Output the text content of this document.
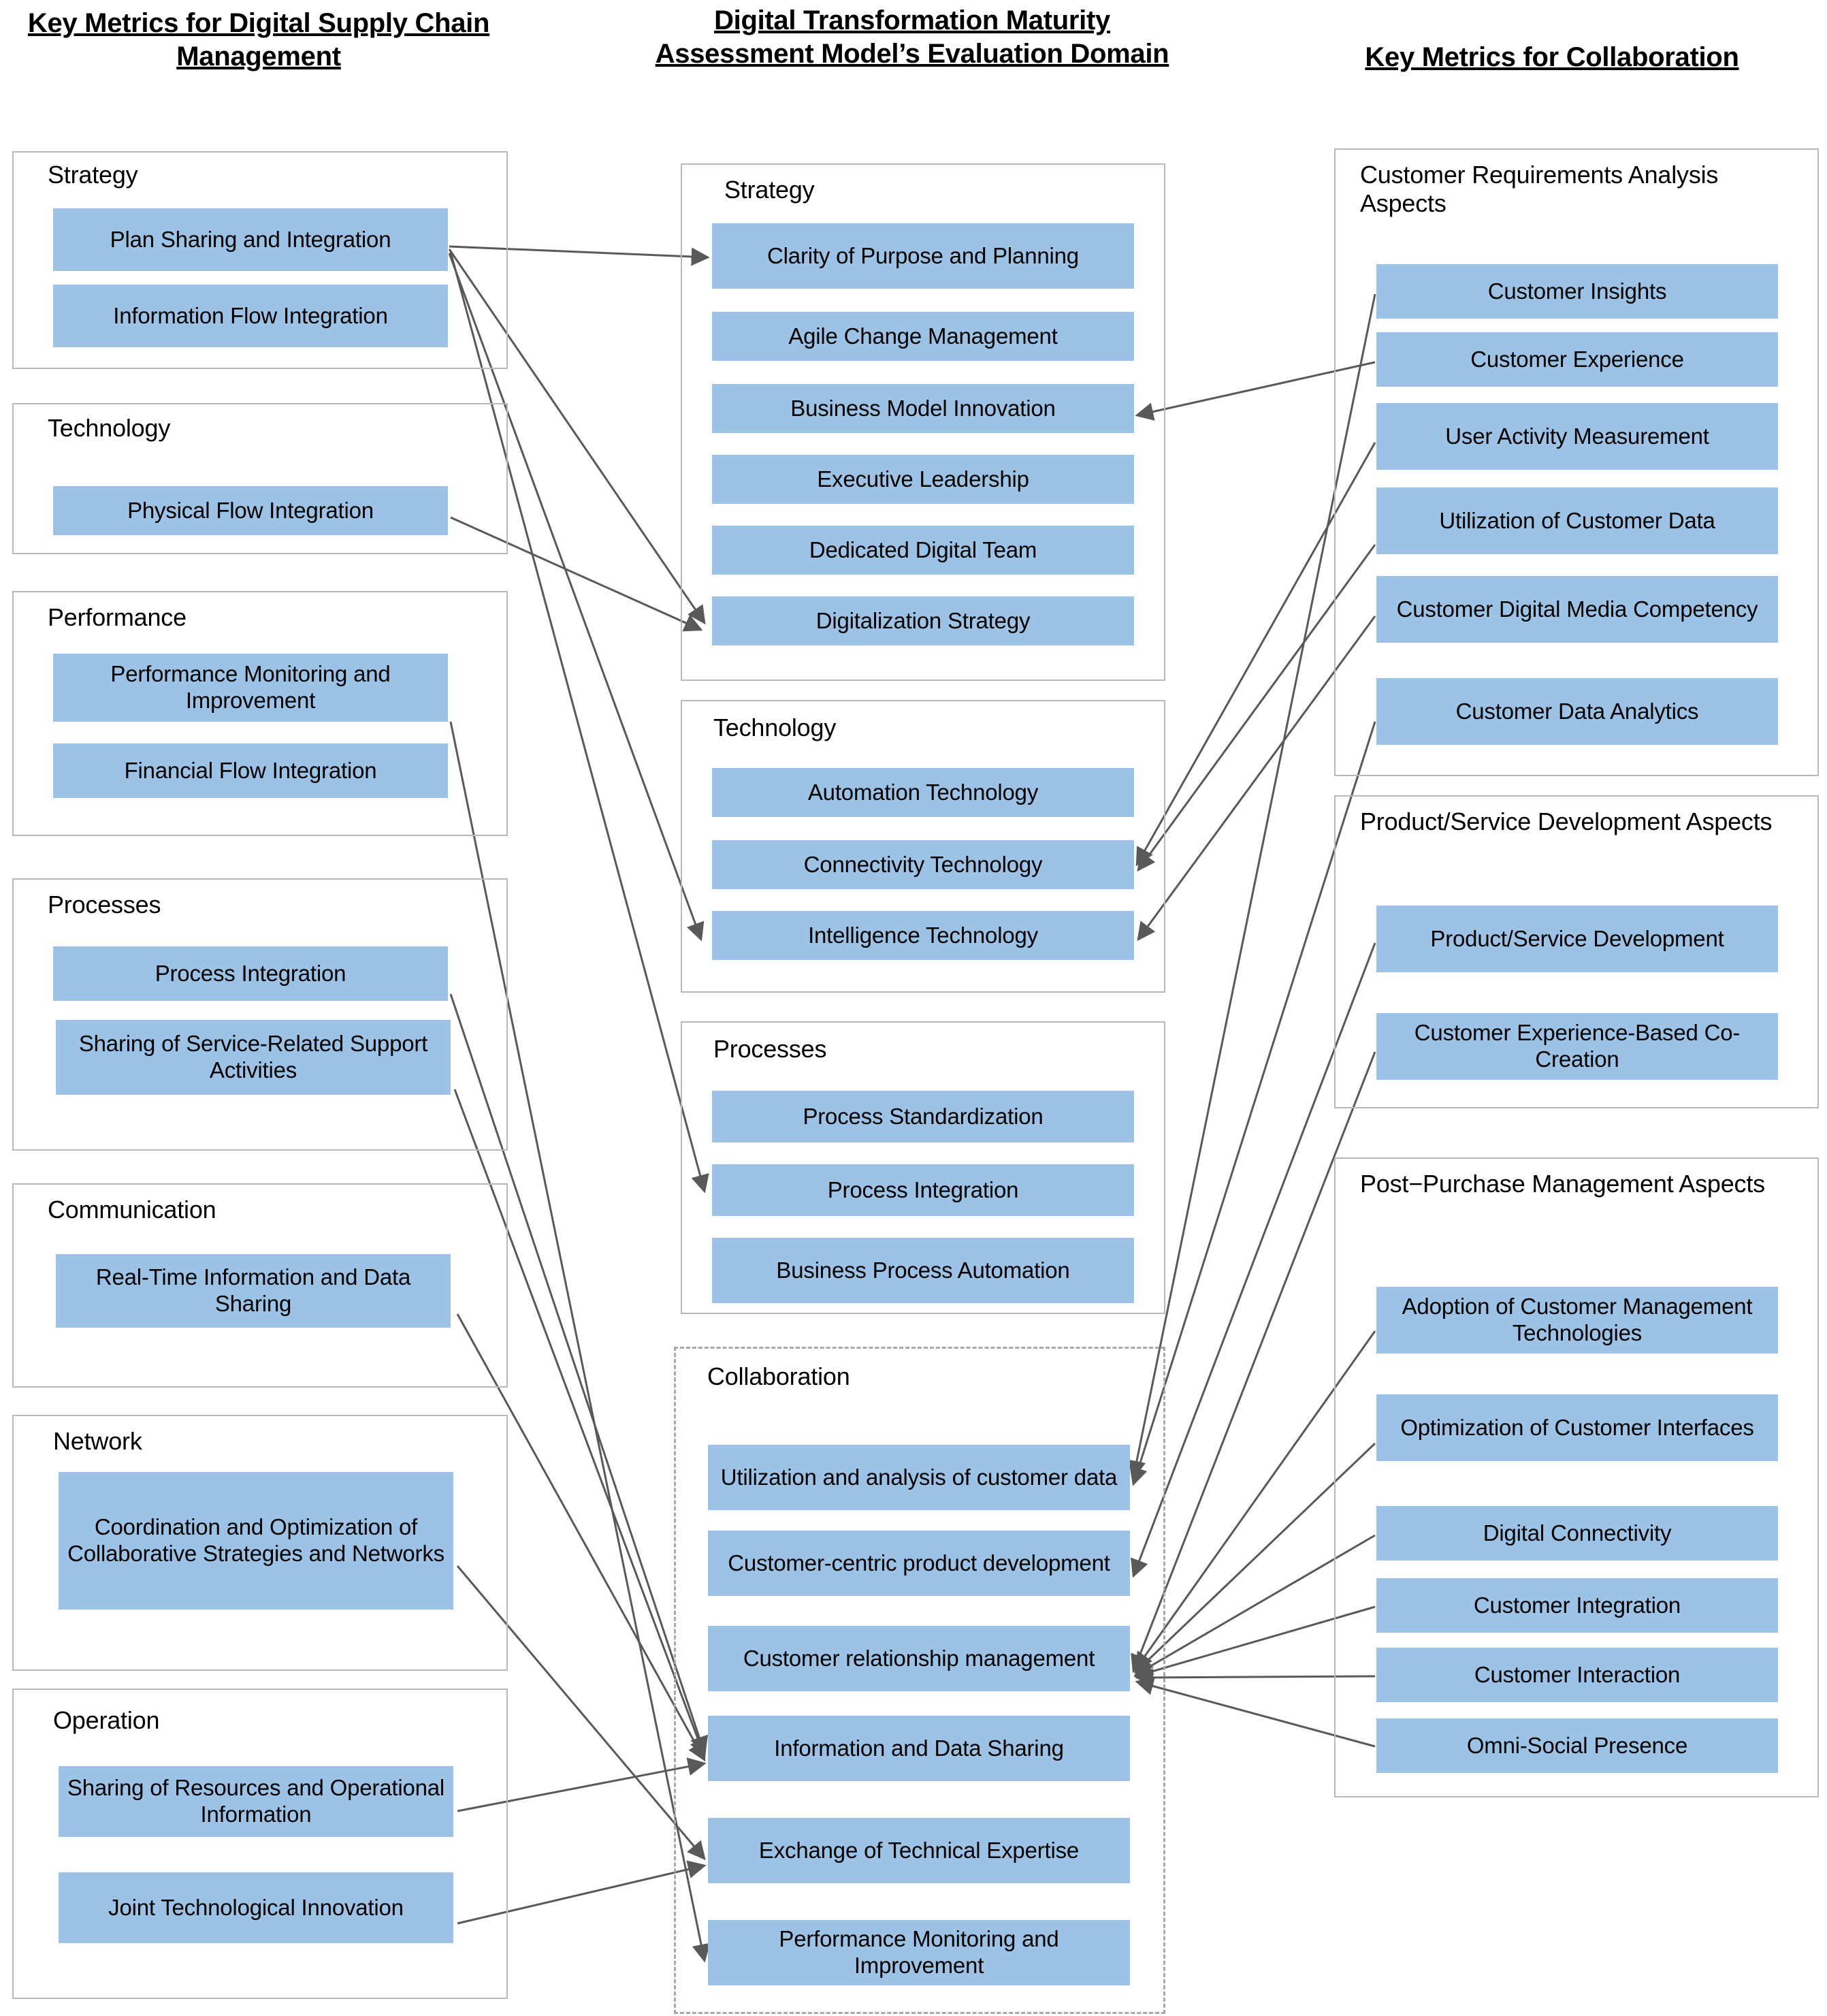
Key Metrics for Digital Supply Chain Management
Strategy
Plan Sharing and Integration
Information Flow Integration
Technology
Physical Flow Integration
Performance
Performance Monitoring and Improvement
Financial Flow Integration
Processes
Process Integration
Sharing of Service-Related Support Activities
Communication
Real-Time Information and Data Sharing
Network
Coordination and Optimization of Collaborative Strategies and Networks
Operation
Sharing of Resources and Operational Information
Joint Technological Innovation
Digital Transformation Maturity Assessment Model’s Evaluation Domain
Strategy
Clarity of Purpose and Planning
Agile Change Management
Business Model Innovation
Executive Leadership
Dedicated Digital Team
Digitalization Strategy
Technology
Automation Technology
Connectivity Technology
Intelligence Technology
Processes
Process Standardization
Process Integration
Business Process Automation
Collaboration
Utilization and analysis of customer data
Customer-centric product development
Customer relationship management
Information and Data Sharing
Exchange of Technical Expertise
Performance Monitoring and Improvement
Key Metrics for Collaboration
Customer Requirements Analysis Aspects
Customer Insights
Customer Experience
User Activity Measurement
Utilization of Customer Data
Customer Digital Media Competency
Customer Data Analytics
Product/Service Development Aspects
Product/Service Development
Customer Experience-Based Co-Creation
Post−Purchase Management Aspects
Adoption of Customer Management Technologies
Optimization of Customer Interfaces
Digital Connectivity
Customer Integration
Customer Interaction
Omni-Social Presence
